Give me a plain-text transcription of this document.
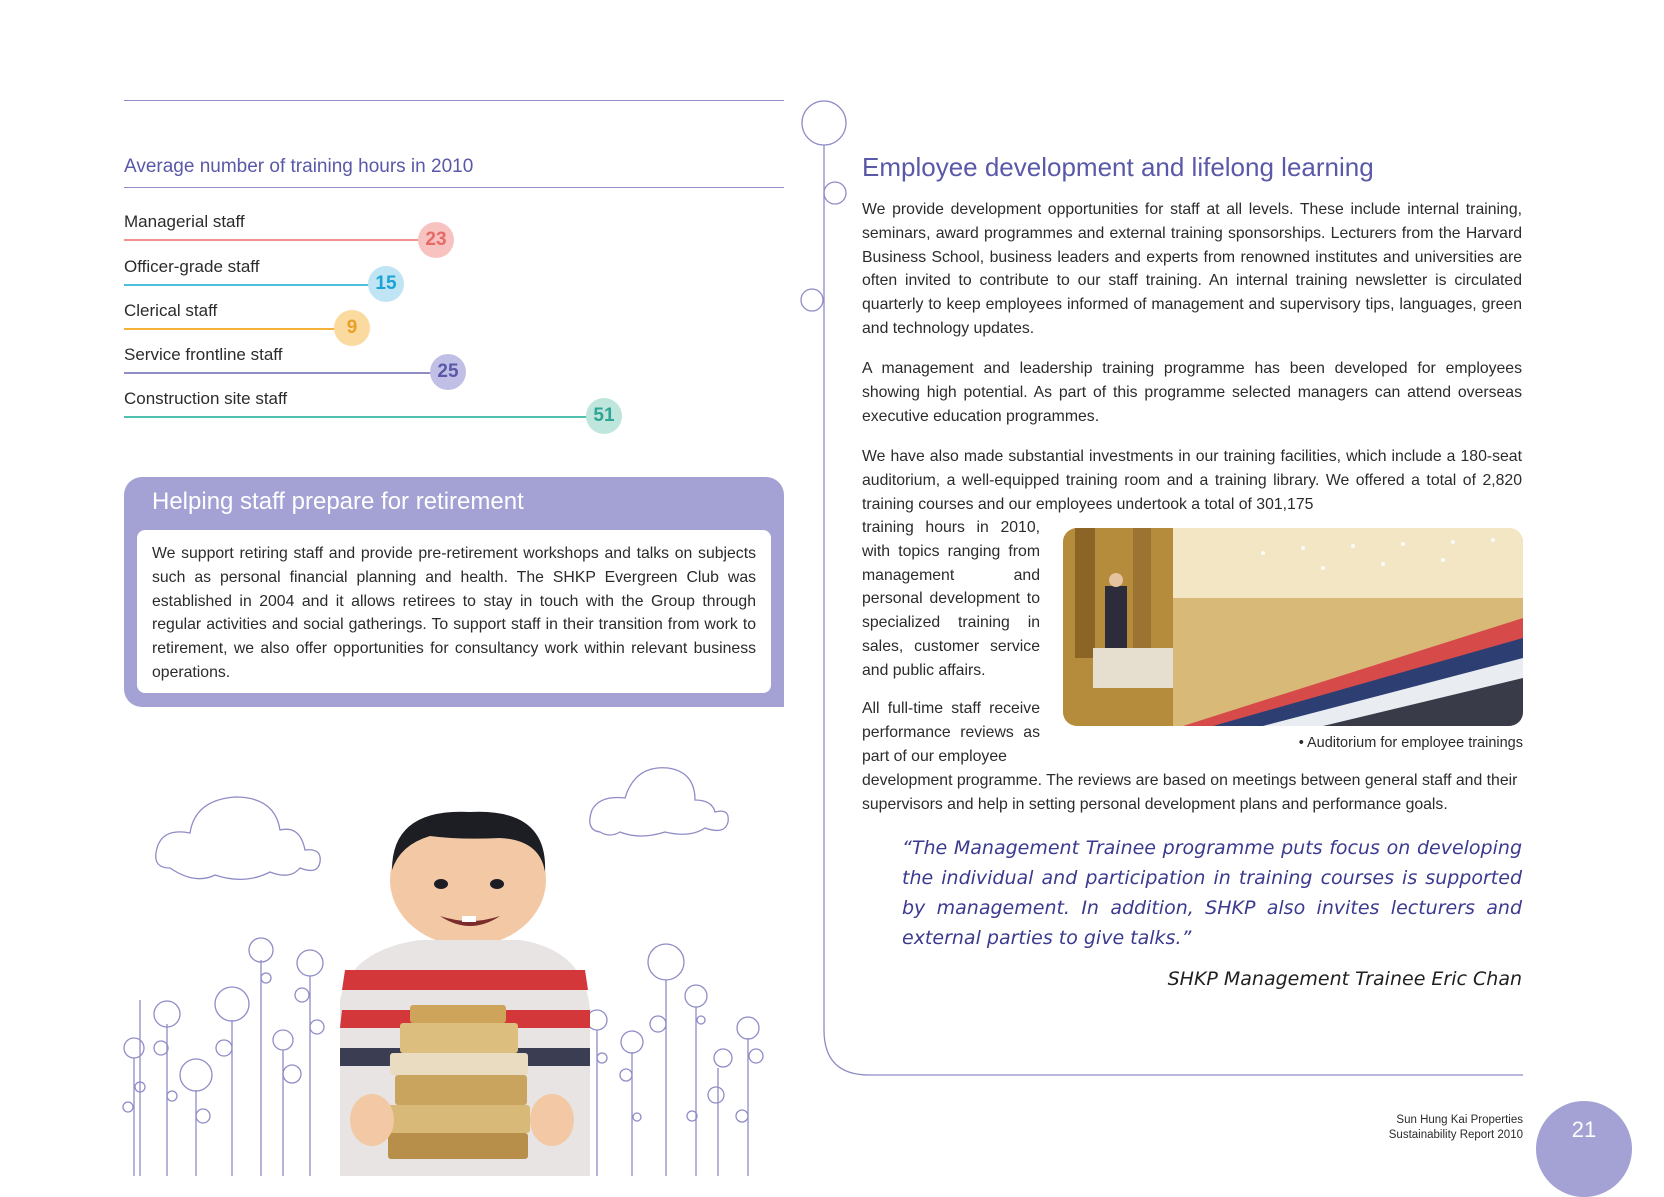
Average number of training hours in 2010
Managerial staff
23
Officer-grade staff
15
Clerical staff
9
Service frontline staff
25
Construction site staff
51
Helping staff prepare for retirement
We support retiring staff and provide pre-retirement workshops and talks on subjects such as personal financial planning and health. The SHKP Evergreen Club was established in 2004 and it allows retirees to stay in touch with the Group through regular activities and social gatherings. To support staff in their transition from work to retirement, we also offer opportunities for consultancy work within relevant business operations.
Employee development and lifelong learning

We provide development opportunities for staff at all levels. These include internal training, seminars, award programmes and external training sponsorships. Lecturers from the Harvard Business School, business leaders and experts from renowned institutes and universities are often invited to contribute to our staff training. An internal training newsletter is circulated quarterly to keep employees informed of management and supervisory tips, languages, green and technology updates.

A management and leadership training programme has been developed for employees showing high potential. As part of this programme selected managers can attend overseas executive education programmes.

We have also made substantial investments in our training facilities, which include a 180-seat auditorium, a well-equipped training room and a training library. We offered a total of 2,820 training courses and our employees undertook a total of 301,175

training hours in 2010, with topics ranging from management and personal development to specialized training in sales, customer service and public affairs.
• Auditorium for employee trainings
All full-time staff receive performance reviews as part of our employee
development programme. The reviews are based on meetings between general staff and their supervisors and help in setting personal development plans and performance goals.
“The Management Trainee programme puts focus on developing the individual and participation in training courses is supported by management. In addition, SHKP also invites lecturers and external parties to give talks.”
SHKP Management Trainee Eric Chan
Sun Hung Kai Properties
Sustainability Report 2010	21
